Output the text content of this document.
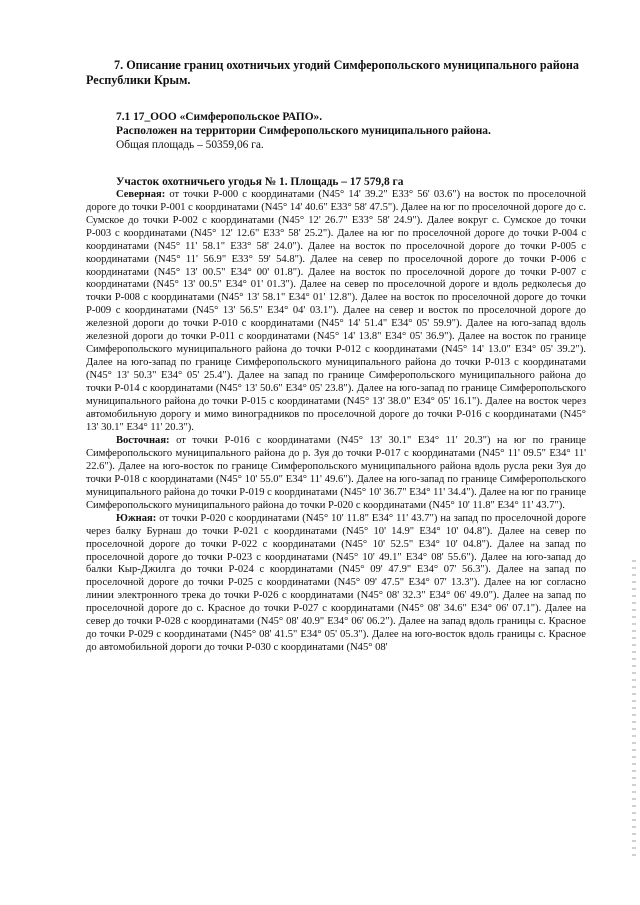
7. Описание границ охотничьих угодий Симферопольского муниципального района Республики Крым.

7.1 17_ООО «Симферопольское РАПО».

Расположен на территории Симферопольского муниципального района.

Общая площадь – 50359,06 га.

Участок охотничьего угодья № 1. Площадь – 17 579,8 га

Северная: от точки Р-000 с координатами (N45° 14' 39.2" E33° 56' 03.6") на восток по проселочной дороге до точки Р-001 с координатами (N45° 14' 40.6" E33° 58' 47.5"). Далее на юг по проселочной дороге до с. Сумское до точки Р-002 с координатами (N45° 12' 26.7" E33° 58' 24.9"). Далее вокруг с. Сумское до точки Р-003 с координатами (N45° 12' 12.6" E33° 58' 25.2"). Далее на юг по проселочной дороге до точки Р-004 с координатами (N45° 11' 58.1" E33° 58' 24.0"). Далее на восток по проселочной дороге до точки Р-005 с координатами (N45° 11' 56.9" E33° 59' 54.8"). Далее на север по проселочной дороге до точки Р-006 с координатами (N45° 13' 00.5" E34° 00' 01.8"). Далее на восток по проселочной дороге до точки Р-007 с координатами (N45° 13' 00.5" E34° 01' 01.3"). Далее на север по проселочной дороге и вдоль редколесья до точки Р-008 с координатами (N45° 13' 58.1" E34° 01' 12.8"). Далее на восток по проселочной дороге до точки Р-009 с координатами (N45° 13' 56.5" E34° 04' 03.1"). Далее на север и восток по проселочной дороге до железной дороги до точки Р-010 с координатами (N45° 14' 51.4" E34° 05' 59.9"). Далее на юго-запад вдоль железной дороги до точки Р-011 с координатами (N45° 14' 13.8" E34° 05' 36.9"). Далее на восток по границе Симферопольского муниципального района до точки Р-012 с координатами (N45° 14' 13.0" E34° 05' 39.2"). Далее на юго-запад по границе Симферопольского муниципального района до точки Р-013 с координатами (N45° 13' 50.3" E34° 05' 25.4"). Далее на запад по границе Симферопольского муниципального района до точки Р-014 с координатами (N45° 13' 50.6" E34° 05' 23.8"). Далее на юго-запад по границе Симферопольского муниципального района до точки Р-015 с координатами (N45° 13' 38.0" E34° 05' 16.1"). Далее на восток через автомобильную дорогу и мимо виноградников по проселочной дороге до точки Р-016 с координатами (N45° 13' 30.1" E34° 11' 20.3").

Восточная: от точки Р-016 с координатами (N45° 13' 30.1" E34° 11' 20.3") на юг по границе Симферопольского муниципального района до р. Зуя до точки Р-017 с координатами (N45° 11' 09.5" E34° 11' 22.6"). Далее на юго-восток по границе Симферопольского муниципального района вдоль русла реки Зуя до точки Р-018 с координатами (N45° 10' 55.0" E34° 11' 49.6"). Далее на юго-запад по границе Симферопольского муниципального района до точки Р-019 с координатами (N45° 10' 36.7" E34° 11' 34.4"). Далее на юг по границе Симферопольского муниципального района до точки Р-020 с координатами (N45° 10' 11.8" E34° 11' 43.7").

Южная: от точки Р-020 с координатами (N45° 10' 11.8" E34° 11' 43.7") на запад по проселочной дороге через балку Бурнаш до точки Р-021 с координатами (N45° 10' 14.9" E34° 10' 04.8"). Далее на север по проселочной дороге до точки Р-022 с координатами (N45° 10' 52.5" E34° 10' 04.8"). Далее на запад по проселочной дороге до точки Р-023 с координатами (N45° 10' 49.1" E34° 08' 55.6"). Далее на юго-запад до балки Кыр-Джилга до точки Р-024 с координатами (N45° 09' 47.9" E34° 07' 56.3"). Далее на запад по проселочной дороге до точки Р-025 с координатами (N45° 09' 47.5" E34° 07' 13.3"). Далее на юг согласно линии электронного трека до точки Р-026 с координатами (N45° 08' 32.3" E34° 06' 49.0"). Далее на запад по проселочной дороге до с. Красное до точки Р-027 с координатами (N45° 08' 34.6" E34° 06' 07.1"). Далее на север до точки Р-028 с координатами (N45° 08' 40.9" E34° 06' 06.2"). Далее на запад вдоль границы с. Красное до точки Р-029 с координатами (N45° 08' 41.5" E34° 05' 05.3"). Далее на юго-восток вдоль границы с. Красное до автомобильной дороги до точки Р-030 с координатами (N45° 08'
